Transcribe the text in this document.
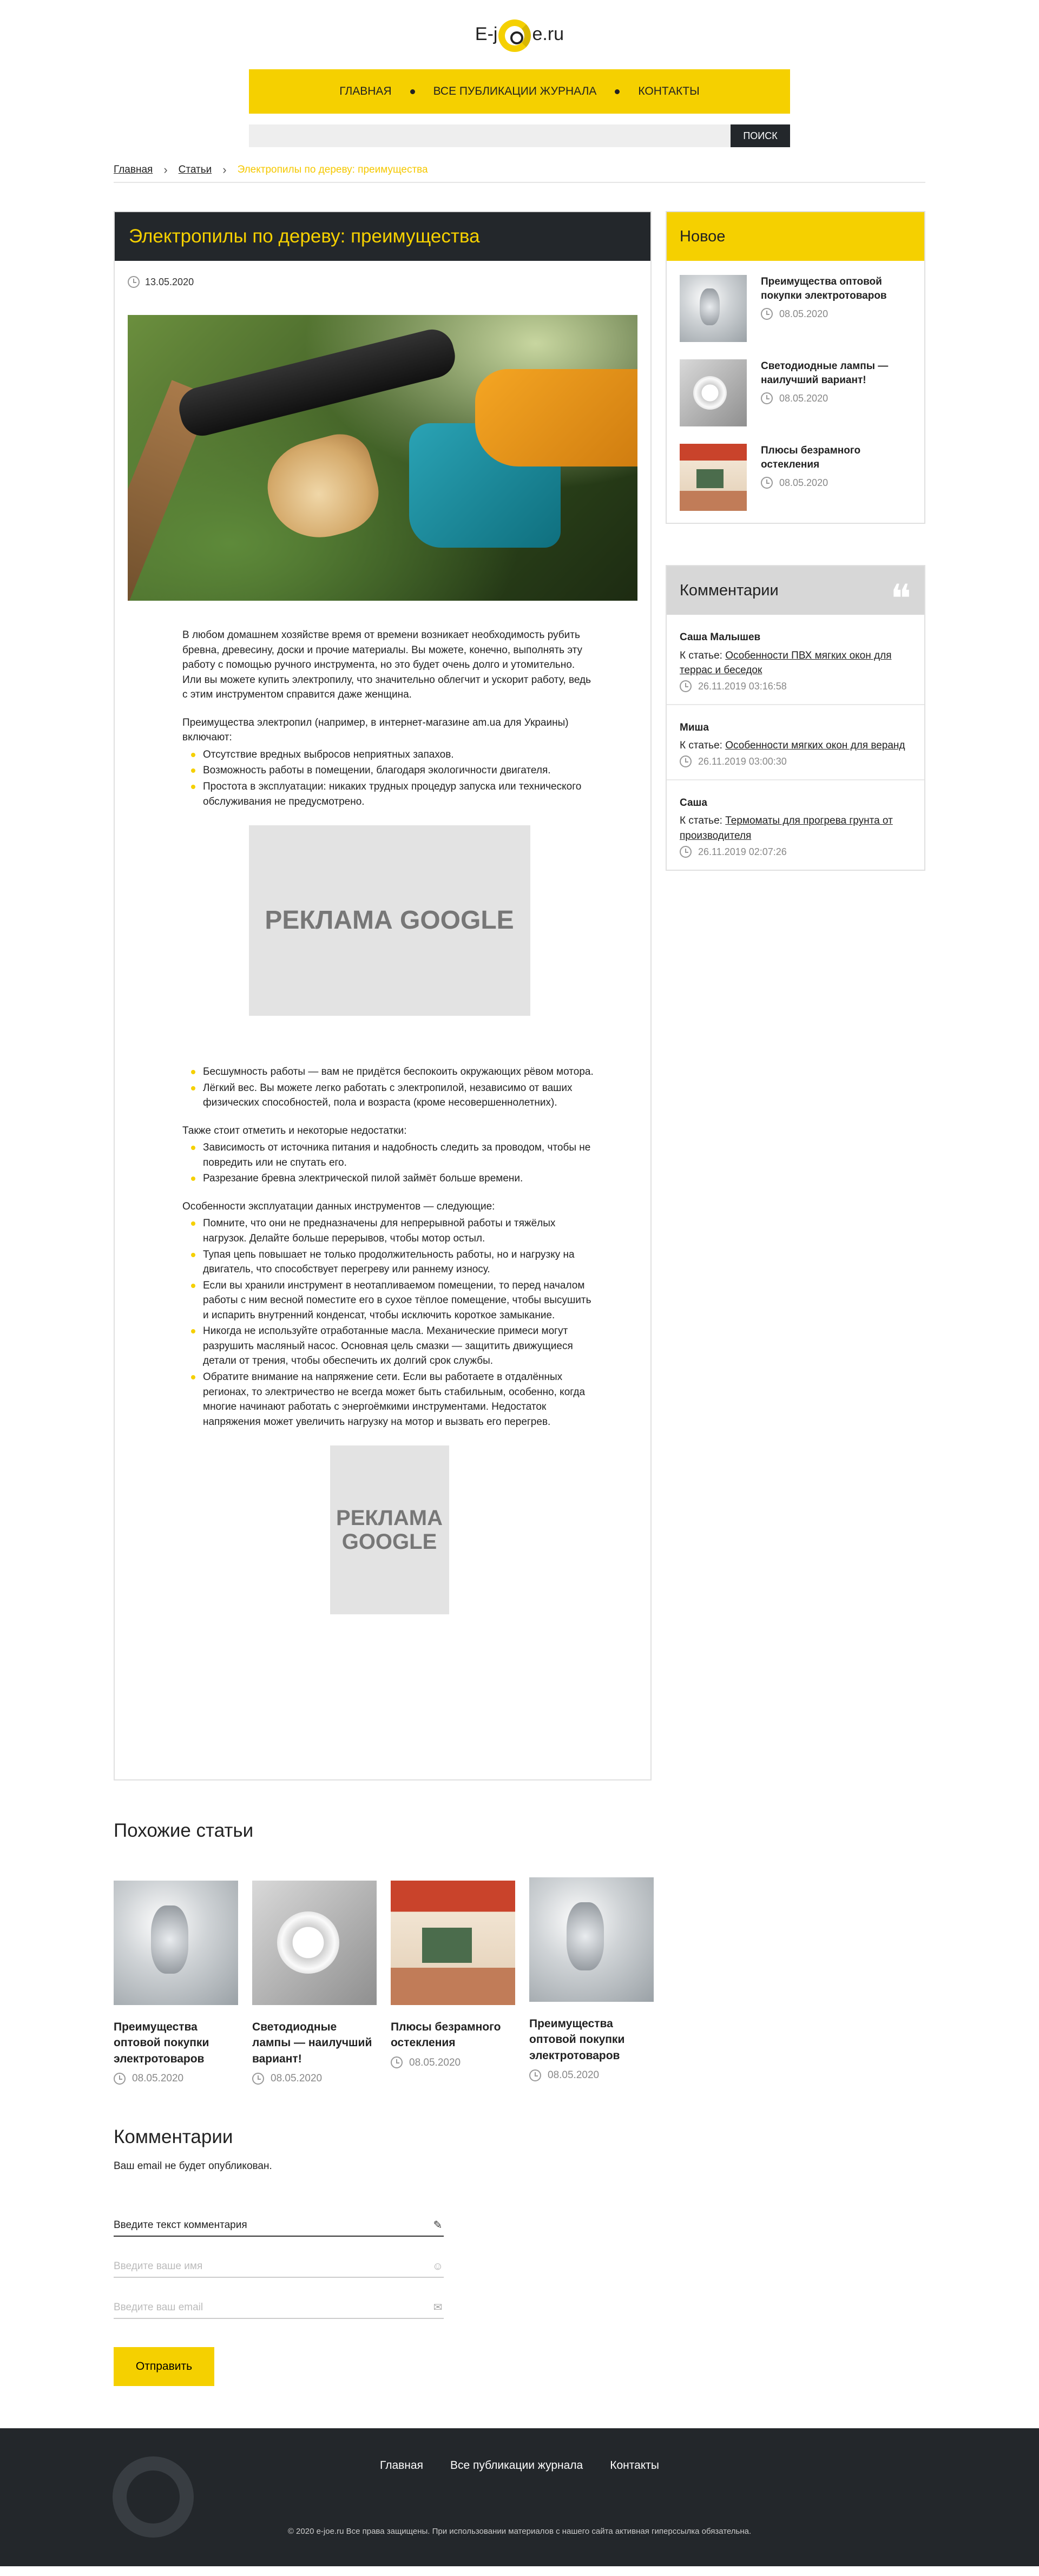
E-j e.ru
ГЛАВНАЯ	ВСЕ ПУБЛИКАЦИИ ЖУРНАЛА	КОНТАКТЫ
ПОИСК
Главная › Статьи › Электропилы по дереву: преимущества
Электропилы по дереву: преимущества
13.05.2020

В любом домашнем хозяйстве время от времени возникает необходимость рубить бревна, древесину, доски и прочие материалы. Вы можете, конечно, выполнять эту работу с помощью ручного инструмента, но это будет очень долго и утомительно. Или вы можете купить электропилу, что значительно облегчит и ускорит работу, ведь с этим инструментом справится даже женщина.

Преимущества электропил (например, в интернет-магазине am.ua для Украины) включают:

Отсутствие вредных выбросов неприятных запахов.
Возможность работы в помещении, благодаря экологичности двигателя.
Простота в эксплуатации: никаких трудных процедур запуска или технического обслуживания не предусмотрено.
РЕКЛАМА GOOGLE
Бесшумность работы — вам не придётся беспокоить окружающих рёвом мотора.
Лёгкий вес. Вы можете легко работать с электропилой, независимо от ваших физических способностей, пола и возраста (кроме несовершеннолетних).

Также стоит отметить и некоторые недостатки:

Зависимость от источника питания и надобность следить за проводом, чтобы не повредить или не спутать его.
Разрезание бревна электрической пилой займёт больше времени.

Особенности эксплуатации данных инструментов — следующие:

Помните, что они не предназначены для непрерывной работы и тяжёлых нагрузок. Делайте больше перерывов, чтобы мотор остыл.
Тупая цепь повышает не только продолжительность работы, но и нагрузку на двигатель, что способствует перегреву или раннему износу.
Если вы хранили инструмент в неотапливаемом помещении, то перед началом работы с ним весной поместите его в сухое тёплое помещение, чтобы высушить и испарить внутренний конденсат, чтобы исключить короткое замыкание.
Никогда не используйте отработанные масла. Механические примеси могут разрушить масляный насос. Основная цель смазки — защитить движущиеся детали от трения, чтобы обеспечить их долгий срок службы.
Обратите внимание на напряжение сети. Если вы работаете в отдалённых регионах, то электричество не всегда может быть стабильным, особенно, когда многие начинают работать с энергоёмкими инструментами. Недостаток напряжения может увеличить нагрузку на мотор и вызвать его перегрев.
РЕКЛАМА GOOGLE
Новое
Преимущества оптовой покупки электротоваров
08.05.2020
Светодиодные лампы — наилучший вариант!
08.05.2020
Плюсы безрамного остекления
08.05.2020
Комментарии	❝
Саша Малышев
К статье: Особенности ПВХ мягких окон для террас и беседок
26.11.2019 03:16:58
Миша
К статье: Особенности мягких окон для веранд
26.11.2019 03:00:30
Саша
К статье: Термоматы для прогрева грунта от производителя
26.11.2019 02:07:26
Похожие статьи
Преимущества оптовой покупки электротоваров
08.05.2020
Светодиодные лампы — наилучший вариант!
08.05.2020
Плюсы безрамного остекления
08.05.2020
Преимущества оптовой покупки электротоваров
08.05.2020
Комментарии
Ваш email не будет опубликован.
Введите текст комментария	✎
Введите ваше имя	☺
Введите ваш email	✉
Отправить
Главная Все публикации журнала Контакты
© 2020 e-joe.ru Все права защищены. При использовании материалов с нашего сайта активная гиперссылка обязательна.
